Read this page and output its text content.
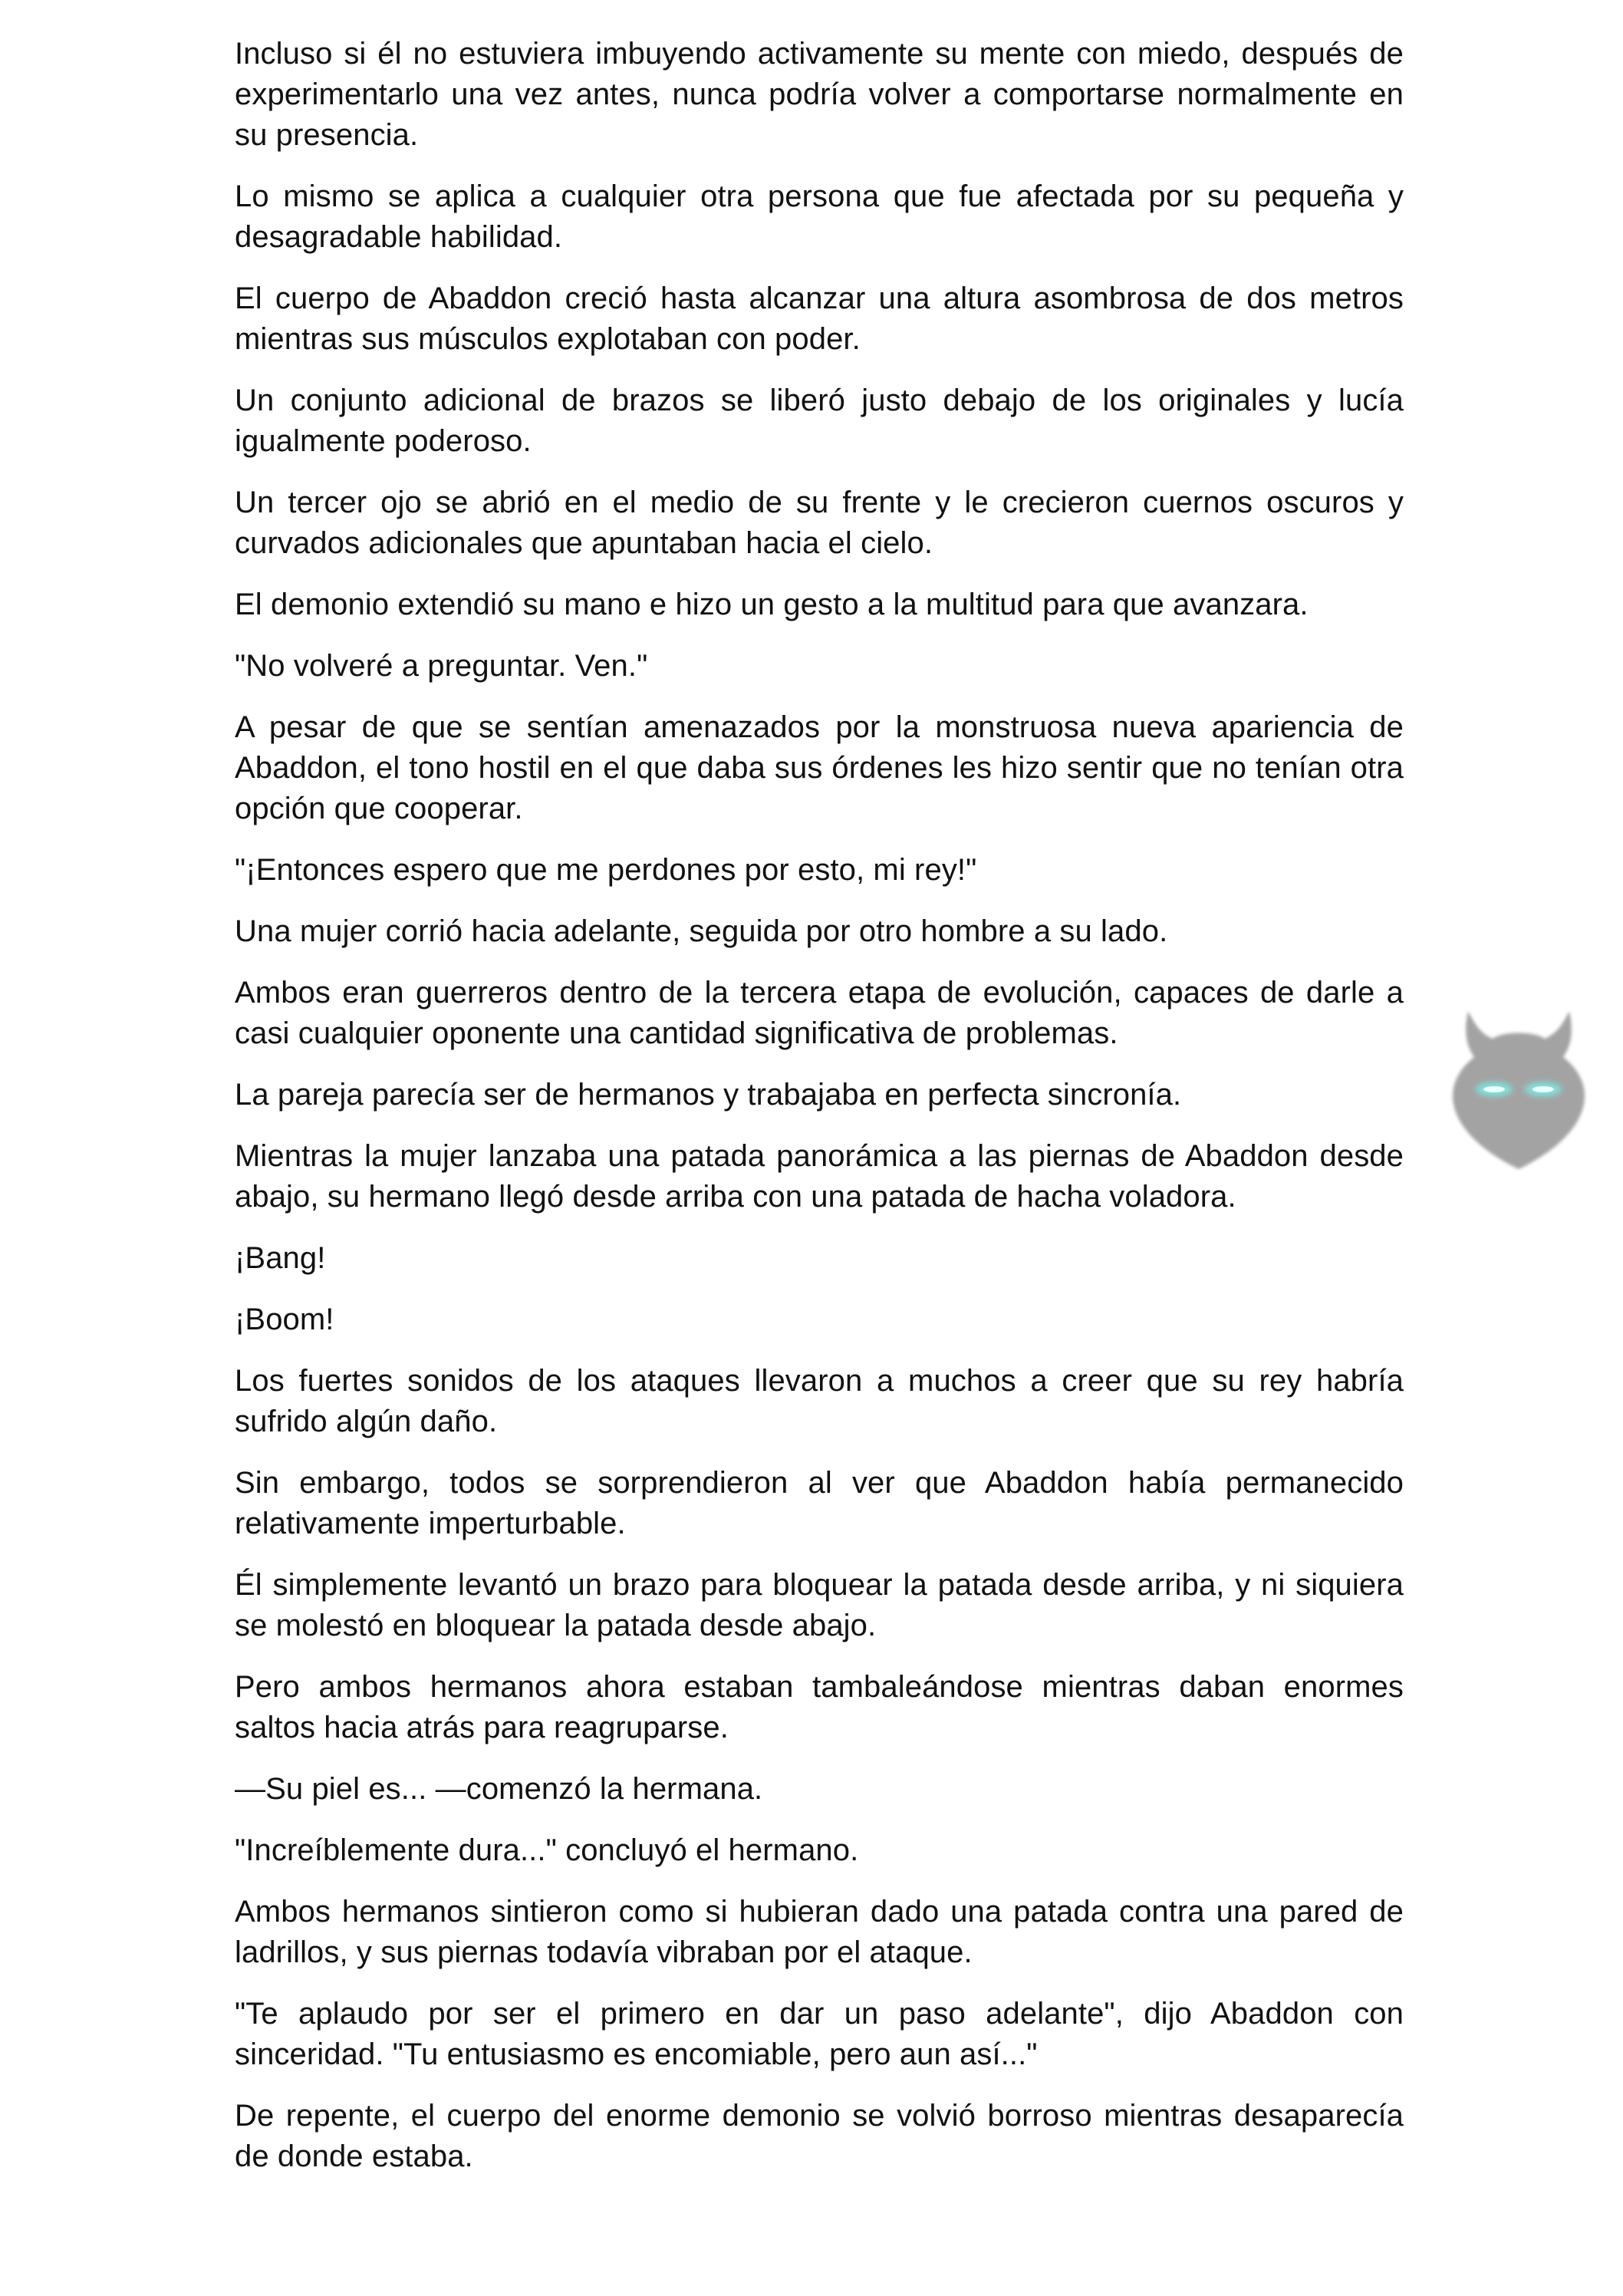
Incluso si él no estuviera imbuyendo activamente su mente con miedo, después de experimentarlo una vez antes, nunca podría volver a comportarse normalmente en su presencia.

Lo mismo se aplica a cualquier otra persona que fue afectada por su pequeña y desagradable habilidad.

El cuerpo de Abaddon creció hasta alcanzar una altura asombrosa de dos metros mientras sus músculos explotaban con poder.

Un conjunto adicional de brazos se liberó justo debajo de los originales y lucía igualmente poderoso.

Un tercer ojo se abrió en el medio de su frente y le crecieron cuernos oscuros y curvados adicionales que apuntaban hacia el cielo.

El demonio extendió su mano e hizo un gesto a la multitud para que avanzara.

"No volveré a preguntar. Ven."

A pesar de que se sentían amenazados por la monstruosa nueva apariencia de Abaddon, el tono hostil en el que daba sus órdenes les hizo sentir que no tenían otra opción que cooperar.

"¡Entonces espero que me perdones por esto, mi rey!"

Una mujer corrió hacia adelante, seguida por otro hombre a su lado.

Ambos eran guerreros dentro de la tercera etapa de evolución, capaces de darle a casi cualquier oponente una cantidad significativa de problemas.

La pareja parecía ser de hermanos y trabajaba en perfecta sincronía.

Mientras la mujer lanzaba una patada panorámica a las piernas de Abaddon desde abajo, su hermano llegó desde arriba con una patada de hacha voladora.

¡Bang!

¡Boom!

Los fuertes sonidos de los ataques llevaron a muchos a creer que su rey habría sufrido algún daño.

Sin embargo, todos se sorprendieron al ver que Abaddon había permanecido relativamente imperturbable.

Él simplemente levantó un brazo para bloquear la patada desde arriba, y ni siquiera se molestó en bloquear la patada desde abajo.

Pero ambos hermanos ahora estaban tambaleándose mientras daban enormes saltos hacia atrás para reagruparse.

—Su piel es... —comenzó la hermana.

"Increíblemente dura..." concluyó el hermano.

Ambos hermanos sintieron como si hubieran dado una patada contra una pared de ladrillos, y sus piernas todavía vibraban por el ataque.

"Te aplaudo por ser el primero en dar un paso adelante", dijo Abaddon con sinceridad. "Tu entusiasmo es encomiable, pero aun así..."

De repente, el cuerpo del enorme demonio se volvió borroso mientras desaparecía de donde estaba.
